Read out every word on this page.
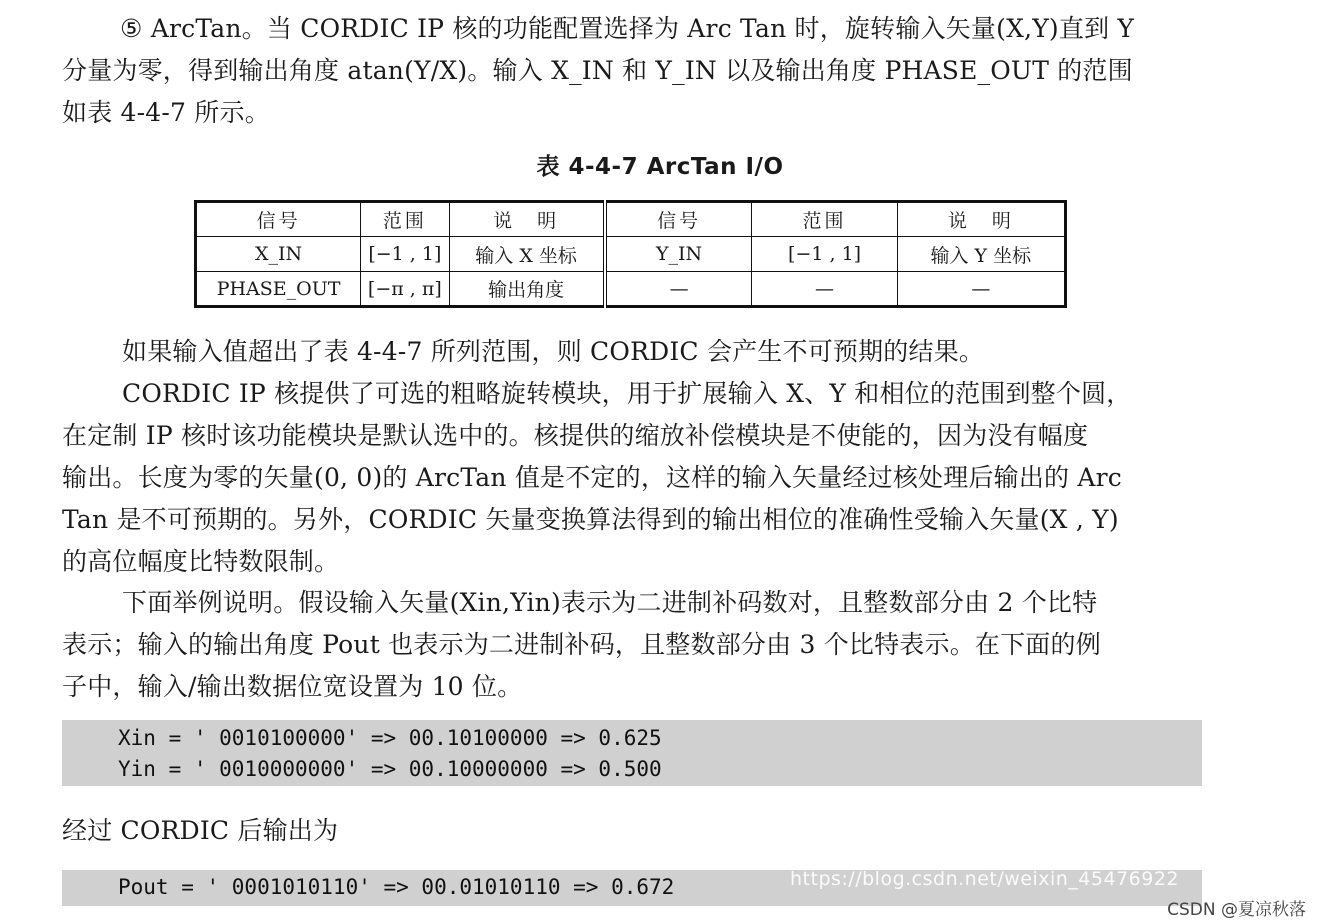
⑤ ArcTan。当 CORDIC IP 核的功能配置选择为 Arc Tan 时，旋转输入矢量(X,Y)直到 Y
分量为零，得到输出角度 atan(Y/X)。输入 X_IN 和 Y_IN 以及输出角度 PHASE_OUT 的范围
如表 4-4-7 所示。
表 4-4-7 ArcTan I/O
信号	范围	说　明	信号	范围	说　明
X_IN	[−1 , 1]	输入 X 坐标	Y_IN	[−1 , 1]	输入 Y 坐标
PHASE_OUT	[−π , π]	输出角度	—	—	—
如果输入值超出了表 4-4-7 所列范围，则 CORDIC 会产生不可预期的结果。
CORDIC IP 核提供了可选的粗略旋转模块，用于扩展输入 X、Y 和相位的范围到整个圆，
在定制 IP 核时该功能模块是默认选中的。核提供的缩放补偿模块是不使能的，因为没有幅度
输出。长度为零的矢量(0, 0)的 ArcTan 值是不定的，这样的输入矢量经过核处理后输出的 Arc
Tan 是不可预期的。另外，CORDIC 矢量变换算法得到的输出相位的准确性受输入矢量(X , Y)
的高位幅度比特数限制。
下面举例说明。假设输入矢量(Xin,Yin)表示为二进制补码数对，且整数部分由 2 个比特
表示；输入的输出角度 Pout 也表示为二进制补码，且整数部分由 3 个比特表示。在下面的例
子中，输入/输出数据位宽设置为 10 位。
Xin = ' 0010100000' => 00.10100000 => 0.625
Yin = ' 0010000000' => 00.10000000 => 0.500
经过 CORDIC 后输出为
Pout = ' 0001010110' => 00.01010110 => 0.672	https://blog.csdn.net/weixin_45476922
CSDN @夏凉秋落
